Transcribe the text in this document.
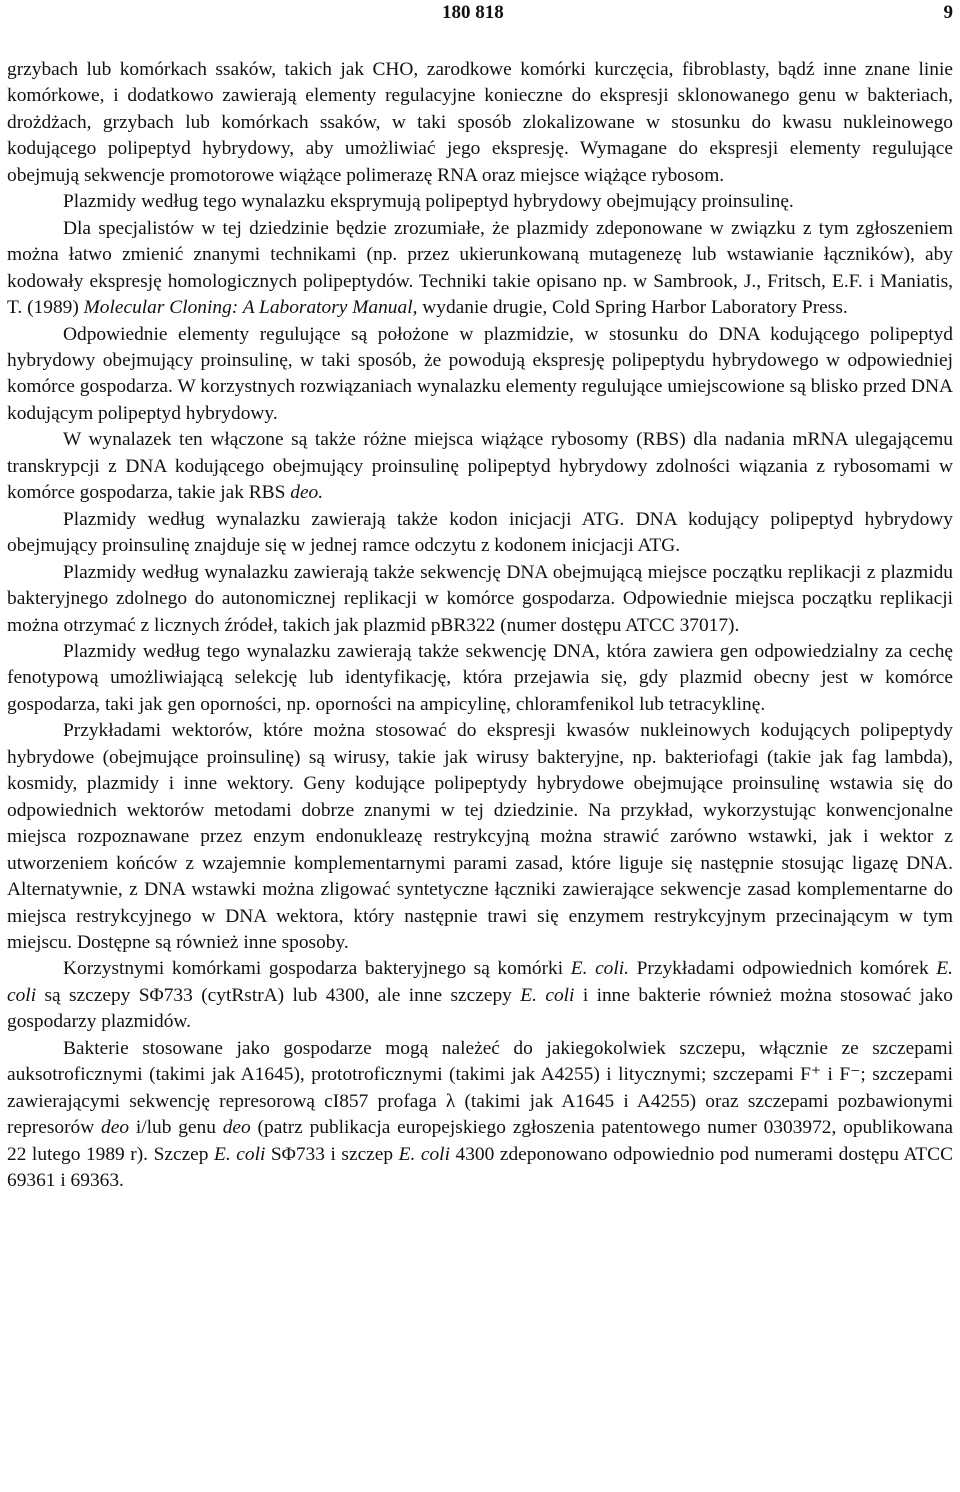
180 818	9

grzybach lub komórkach ssaków, takich jak CHO, zarodkowe komórki kurczęcia, fibroblasty, bądź inne znane linie komórkowe, i dodatkowo zawierają elementy regulacyjne konieczne do ekspresji sklonowanego genu w bakteriach, drożdżach, grzybach lub komórkach ssaków, w taki sposób zlokalizowane w stosunku do kwasu nukleinowego kodującego polipeptyd hybrydowy, aby umożliwiać jego ekspresję. Wymagane do ekspresji elementy regulujące obejmują sekwencje promotorowe wiążące polimerazę RNA oraz miejsce wiążące rybosom.

Plazmidy według tego wynalazku eksprymują polipeptyd hybrydowy obejmujący proinsulinę.

Dla specjalistów w tej dziedzinie będzie zrozumiałe, że plazmidy zdeponowane w związku z tym zgłoszeniem można łatwo zmienić znanymi technikami (np. przez ukierunkowaną mutagenezę lub wstawianie łączników), aby kodowały ekspresję homologicznych polipeptydów. Techniki takie opisano np. w Sambrook, J., Fritsch, E.F. i Maniatis, T. (1989) Molecular Cloning: A Laboratory Manual, wydanie drugie, Cold Spring Harbor Laboratory Press.

Odpowiednie elementy regulujące są położone w plazmidzie, w stosunku do DNA kodującego polipeptyd hybrydowy obejmujący proinsulinę, w taki sposób, że powodują ekspresję polipeptydu hybrydowego w odpowiedniej komórce gospodarza. W korzystnych rozwiązaniach wynalazku elementy regulujące umiejscowione są blisko przed DNA kodującym polipeptyd hybrydowy.

W wynalazek ten włączone są także różne miejsca wiążące rybosomy (RBS) dla nadania mRNA ulegającemu transkrypcji z DNA kodującego obejmujący proinsulinę polipeptyd hybrydowy zdolności wiązania z rybosomami w komórce gospodarza, takie jak RBS deo.

Plazmidy według wynalazku zawierają także kodon inicjacji ATG. DNA kodujący polipeptyd hybrydowy obejmujący proinsulinę znajduje się w jednej ramce odczytu z kodonem inicjacji ATG.

Plazmidy według wynalazku zawierają także sekwencję DNA obejmującą miejsce początku replikacji z plazmidu bakteryjnego zdolnego do autonomicznej replikacji w komórce gospodarza. Odpowiednie miejsca początku replikacji można otrzymać z licznych źródeł, takich jak plazmid pBR322 (numer dostępu ATCC 37017).

Plazmidy według tego wynalazku zawierają także sekwencję DNA, która zawiera gen odpowiedzialny za cechę fenotypową umożliwiającą selekcję lub identyfikację, która przejawia się, gdy plazmid obecny jest w komórce gospodarza, taki jak gen oporności, np. oporności na ampicylinę, chloramfenikol lub tetracyklinę.

Przykładami wektorów, które można stosować do ekspresji kwasów nukleinowych kodujących polipeptydy hybrydowe (obejmujące proinsulinę) są wirusy, takie jak wirusy bakteryjne, np. bakteriofagi (takie jak fag lambda), kosmidy, plazmidy i inne wektory. Geny kodujące polipeptydy hybrydowe obejmujące proinsulinę wstawia się do odpowiednich wektorów metodami dobrze znanymi w tej dziedzinie. Na przykład, wykorzystując konwencjonalne miejsca rozpoznawane przez enzym endonukleazę restrykcyjną można strawić zarówno wstawki, jak i wektor z utworzeniem końców z wzajemnie komplementarnymi parami zasad, które liguje się następnie stosując ligazę DNA. Alternatywnie, z DNA wstawki można zligować syntetyczne łączniki zawierające sekwencje zasad komplementarne do miejsca restrykcyjnego w DNA wektora, który następnie trawi się enzymem restrykcyjnym przecinającym w tym miejscu. Dostępne są również inne sposoby.

Korzystnymi komórkami gospodarza bakteryjnego są komórki E. coli. Przykładami odpowiednich komórek E. coli są szczepy SΦ733 (cytRstrA) lub 4300, ale inne szczepy E. coli i inne bakterie również można stosować jako gospodarzy plazmidów.

Bakterie stosowane jako gospodarze mogą należeć do jakiegokolwiek szczepu, włącznie ze szczepami auksotroficznymi (takimi jak A1645), prototroficznymi (takimi jak A4255) i litycznymi; szczepami F⁺ i F⁻; szczepami zawierającymi sekwencję represorową cI857 profaga λ (takimi jak A1645 i A4255) oraz szczepami pozbawionymi represorów deo i/lub genu deo (patrz publikacja europejskiego zgłoszenia patentowego numer 0303972, opublikowana 22 lutego 1989 r). Szczep E. coli SΦ733 i szczep E. coli 4300 zdeponowano odpowiednio pod numerami dostępu ATCC 69361 i 69363.
